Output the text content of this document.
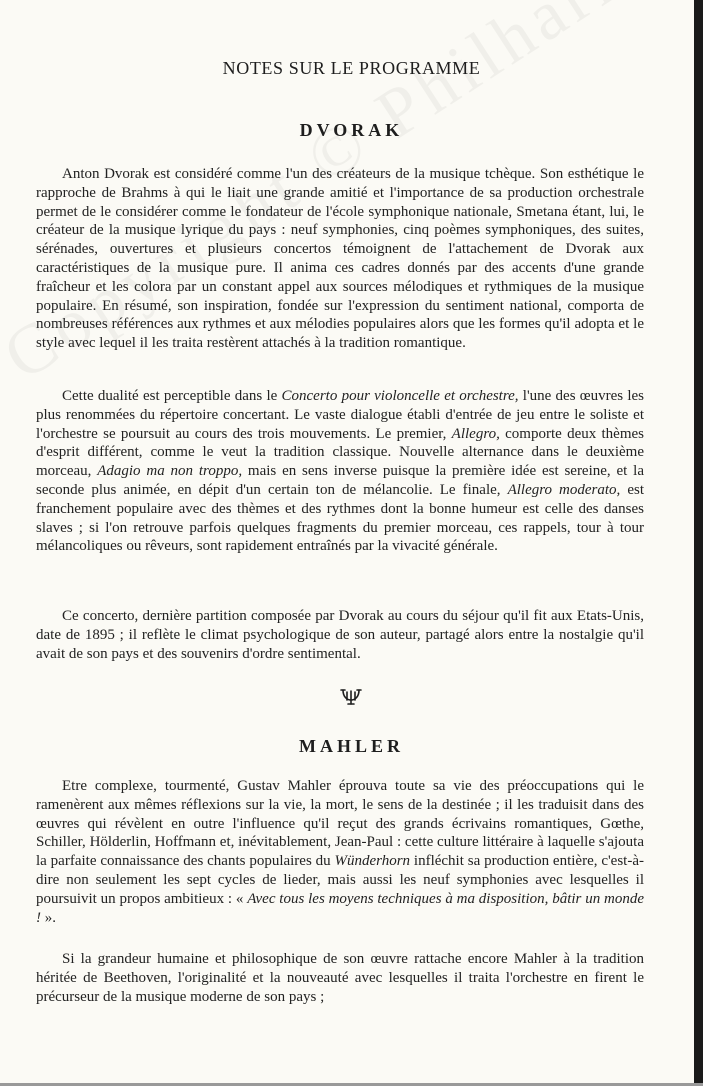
NOTES SUR LE PROGRAMME
DVORAK

Anton Dvorak est considéré comme l'un des créateurs de la musique tchèque. Son esthétique le rapproche de Brahms à qui le liait une grande amitié et l'importance de sa production orchestrale permet de le considérer comme le fondateur de l'école symphonique nationale, Smetana étant, lui, le créateur de la musique lyrique du pays : neuf symphonies, cinq poèmes symphoniques, des suites, sérénades, ouvertures et plusieurs concertos témoignent de l'attachement de Dvorak aux caractéristiques de la musique pure. Il anima ces cadres donnés par des accents d'une grande fraîcheur et les colora par un constant appel aux sources mélodiques et rythmiques de la musique populaire. En résumé, son inspiration, fondée sur l'expression du sentiment national, comporta de nombreuses références aux rythmes et aux mélodies populaires alors que les formes qu'il adopta et le style avec lequel il les traita restèrent attachés à la tradition romantique.

Cette dualité est perceptible dans le Concerto pour violoncelle et orchestre, l'une des œuvres les plus renommées du répertoire concertant. Le vaste dialogue établi d'entrée de jeu entre le soliste et l'orchestre se poursuit au cours des trois mouvements. Le premier, Allegro, comporte deux thèmes d'esprit différent, comme le veut la tradition classique. Nouvelle alternance dans le deuxième morceau, Adagio ma non troppo, mais en sens inverse puisque la première idée est sereine, et la seconde plus animée, en dépit d'un certain ton de mélancolie. Le finale, Allegro moderato, est franchement populaire avec des thèmes et des rythmes dont la bonne humeur est celle des danses slaves ; si l'on retrouve parfois quelques fragments du premier morceau, ces rappels, tour à tour mélancoliques ou rêveurs, sont rapidement entraînés par la vivacité générale.

Ce concerto, dernière partition composée par Dvorak au cours du séjour qu'il fit aux Etats-Unis, date de 1895 ; il reflète le climat psychologique de son auteur, partagé alors entre la nostalgie qu'il avait de son pays et des souvenirs d'ordre sentimental.

MAHLER

Etre complexe, tourmenté, Gustav Mahler éprouva toute sa vie des préoccupations qui le ramenèrent aux mêmes réflexions sur la vie, la mort, le sens de la destinée ; il les traduisit dans des œuvres qui révèlent en outre l'influence qu'il reçut des grands écrivains romantiques, Gœthe, Schiller, Hölderlin, Hoffmann et, inévitablement, Jean-Paul : cette culture littéraire à laquelle s'ajouta la parfaite connaissance des chants populaires du Wünderhorn infléchit sa production entière, c'est-à-dire non seulement les sept cycles de lieder, mais aussi les neuf symphonies avec lesquelles il poursuivit un propos ambitieux : « Avec tous les moyens techniques à ma disposition, bâtir un monde ! ».

Si la grandeur humaine et philosophique de son œuvre rattache encore Mahler à la tradition héritée de Beethoven, l'originalité et la nouveauté avec lesquelles il traita l'orchestre en firent le précurseur de la musique moderne de son pays ;
